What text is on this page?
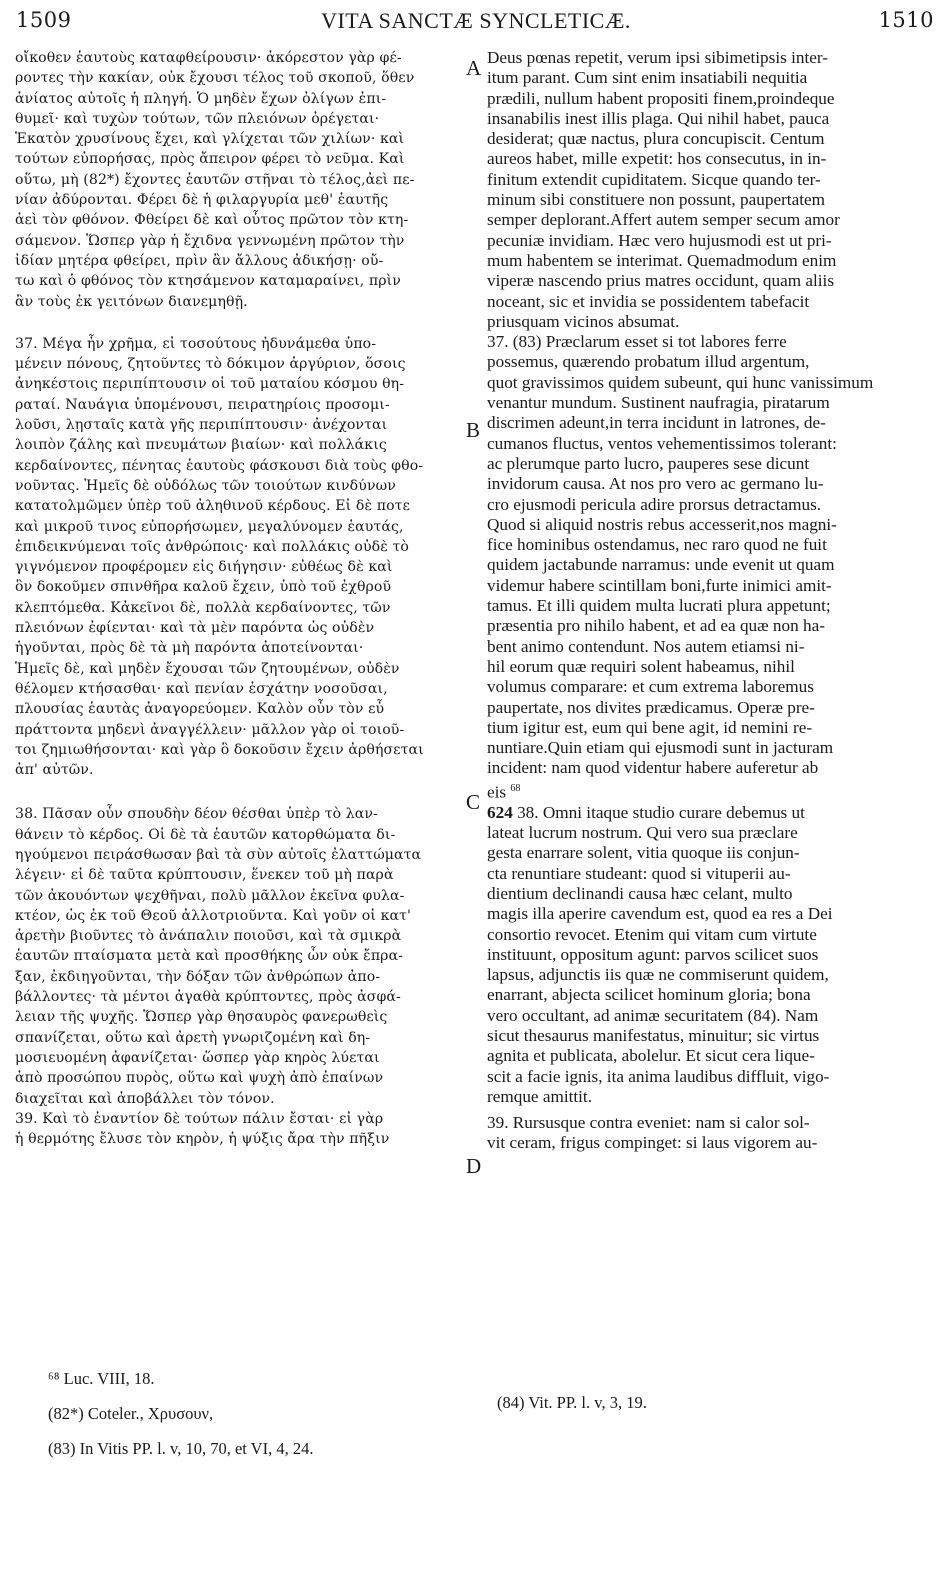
1509	VITA SANCTÆ SYNCLETICÆ.	1510

οἴκοθεν ἑαυτοὺς καταφθείρουσιν· ἀκόρεστον γὰρ φέ-

ροντες τὴν κακίαν, οὐκ ἔχουσι τέλος τοῦ σκοποῦ, ὅθεν

ἀνίατος αὐτοῖς ἡ πληγή. Ὁ μηδὲν ἔχων ὀλίγων ἐπι-

θυμεῖ· καὶ τυχὼν τούτων, τῶν πλειόνων ὀρέγεται·

Ἑκατὸν χρυσίνους ἔχει, καὶ γλίχεται τῶν χιλίων· καὶ

τούτων εὐπορήσας, πρὸς ἄπειρον φέρει τὸ νεῦμα. Καὶ

οὕτω, μὴ (82*) ἔχοντες ἑαυτῶν στῆναι τὸ τέλος,ἀεὶ πε-

νίαν ἀδύρονται. Φέρει δὲ ἡ φιλαργυρία μεθ' ἑαυτῆς

ἀεὶ τὸν φθόνον. Φθείρει δὲ καὶ οὗτος πρῶτον τὸν κτη-

σάμενον. Ὥσπερ γὰρ ἡ ἔχιδνα γεννωμένη πρῶτον τὴν

ἰδίαν μητέρα φθείρει, πρὶν ἂν ἄλλους ἀδικήσῃ· οὔ-

τω καὶ ὁ φθόνος τὸν κτησάμενον καταμαραίνει, πρὶν

ἂν τοὺς ἐκ γειτόνων διανεμηθῇ.

37. Μέγα ἦν χρῆμα, εἰ τοσούτους ἠδυνάμεθα ὑπο-

μένειν πόνους, ζητοῦντες τὸ δόκιμον ἀργύριον, ὅσοις

ἀνηκέστοις περιπίπτουσιν οἱ τοῦ ματαίου κόσμου θη-

ραταί. Ναυάγια ὑπομένουσι, πειρατηρίοις προσομι-

λοῦσι, λῃσταῖς κατὰ γῆς περιπίπτουσιν· ἀνέχονται

λοιπὸν ζάλης καὶ πνευμάτων βιαίων· καὶ πολλάκις

κερδαίνοντες, πένητας ἑαυτοὺς φάσκουσι διὰ τοὺς φθο-

νοῦντας. Ἡμεῖς δὲ οὐδόλως τῶν τοιούτων κινδύνων

κατατολμῶμεν ὑπὲρ τοῦ ἀληθινοῦ κέρδους. Εἰ δὲ ποτε

καὶ μικροῦ τινος εὐπορήσωμεν, μεγαλύνομεν ἑαυτάς,

ἐπιδεικνύμεναι τοῖς ἀνθρώποις· καὶ πολλάκις οὐδὲ τὸ

γιγνόμενον προφέρομεν εἰς διήγησιν· εὐθέως δὲ καὶ

ὃν δοκοῦμεν σπινθῆρα καλοῦ ἔχειν, ὑπὸ τοῦ ἐχθροῦ

κλεπτόμεθα. Κἀκεῖνοι δὲ, πολλὰ κερδαίνοντες, τῶν

πλειόνων ἐφίενται· καὶ τὰ μὲν παρόντα ὡς οὐδὲν

ἡγοῦνται, πρὸς δὲ τὰ μὴ παρόντα ἀποτείνονται·

Ἡμεῖς δὲ, καὶ μηδὲν ἔχουσαι τῶν ζητουμένων, οὐδὲν

θέλομεν κτήσασθαι· καὶ πενίαν ἐσχάτην νοσοῦσαι,

πλουσίας ἑαυτὰς ἀναγορεύομεν. Καλὸν οὖν τὸν εὖ

πράττοντα μηδενὶ ἀναγγέλλειν· μᾶλλον γὰρ οἱ τοιοῦ-

τοι ζημιωθήσονται· καὶ γὰρ ὃ δοκοῦσιν ἔχειν ἀρθήσεται

ἀπ' αὐτῶν.

38. Πᾶσαν οὖν σπουδὴν δέον θέσθαι ὑπὲρ τὸ λαν-

θάνειν τὸ κέρδος. Οἱ δὲ τὰ ἑαυτῶν κατορθώματα δι-

ηγούμενοι πειράσθωσαν βαὶ τὰ σὺν αὐτοῖς ἐλαττώματα

λέγειν· εἰ δὲ ταῦτα κρύπτουσιν, ἕνεκεν τοῦ μὴ παρὰ

τῶν ἀκουόντων ψεχθῆναι, πολὺ μᾶλλον ἐκεῖνα φυλα-

κτέον, ὡς ἐκ τοῦ Θεοῦ ἀλλοτριοῦντα. Καὶ γοῦν οἱ κατ'

ἀρετὴν βιοῦντες τὸ ἀνάπαλιν ποιοῦσι, καὶ τὰ σμικρὰ

ἑαυτῶν πταίσματα μετὰ καὶ προσθήκης ὧν οὐκ ἔπρα-

ξαν, ἐκδιηγοῦνται, τὴν δόξαν τῶν ἀνθρώπων ἀπο-

βάλλοντες· τὰ μέντοι ἀγαθὰ κρύπτοντες, πρὸς ἀσφά-

λειαν τῆς ψυχῆς. Ὥσπερ γὰρ θησαυρὸς φανερωθεὶς

σπανίζεται, οὕτω καὶ ἀρετὴ γνωριζομένη καὶ δη-

μοσιευομένη ἀφανίζεται· ὥσπερ γὰρ κηρὸς λύεται

ἀπὸ προσώπου πυρὸς, οὕτω καὶ ψυχὴ ἀπὸ ἐπαίνων

διαχεῖται καὶ ἀποβάλλει τὸν τόνον.

39. Καὶ τὸ ἐναντίον δὲ τούτων πάλιν ἔσται· εἰ γὰρ

ἡ θερμότης ἔλυσε τὸν κηρὸν, ἡ ψύξις ἄρα τὴν πῆξιν

A
B
C
D

Deus pœnas repetit, verum ipsi sibimetipsis inter-

itum parant. Cum sint enim insatiabili nequitia

prædili, nullum habent propositi finem,proindeque

insanabilis inest illis plaga. Qui nihil habet, pauca

desiderat; quæ nactus, plura concupiscit. Centum

aureos habet, mille expetit: hos consecutus, in in-

finitum extendit cupiditatem. Sicque quando ter-

minum sibi constituere non possunt, paupertatem

semper deplorant.Affert autem semper secum amor

pecuniæ invidiam. Hæc vero hujusmodi est ut pri-

mum habentem se interimat. Quemadmodum enim

viperæ nascendo prius matres occidunt, quam aliis

noceant, sic et invidia se possidentem tabefacit

priusquam vicinos absumat.

37. (83) Præclarum esset si tot labores ferre

possemus, quærendo probatum illud argentum,

quot gravissimos quidem subeunt, qui hunc vanissimum

venantur mundum. Sustinent naufragia, piratarum

discrimen adeunt,in terra incidunt in latrones, de-

cumanos fluctus, ventos vehementissimos tolerant:

ac plerumque parto lucro, pauperes sese dicunt

invidorum causa. At nos pro vero ac germano lu-

cro ejusmodi pericula adire prorsus detractamus.

Quod si aliquid nostris rebus accesserit,nos magni-

fice hominibus ostendamus, nec raro quod ne fuit

quidem jactabunde narramus: unde evenit ut quam

videmur habere scintillam boni,furte inimici amit-

tamus. Et illi quidem multa lucrati plura appetunt;

præsentia pro nihilo habent, et ad ea quæ non ha-

bent animo contendunt. Nos autem etiamsi ni-

hil eorum quæ requiri solent habeamus, nihil

volumus comparare: et cum extrema laboremus

paupertate, nos divites prædicamus. Operæ pre-

tium igitur est, eum qui bene agit, id nemini re-

nuntiare.Quin etiam qui ejusmodi sunt in jacturam

incident: nam quod videntur habere auferetur ab

eis $^{68}$

624 38. Omni itaque studio curare debemus ut

lateat lucrum nostrum. Qui vero sua præclare

gesta enarrare solent, vitia quoque iis conjun-

cta renuntiare studeant: quod si vituperii au-

dientium declinandi causa hæc celant, multo

magis illa aperire cavendum est, quod ea res a Dei

consortio revocet. Etenim qui vitam cum virtute

instituunt, oppositum agunt: parvos scilicet suos

lapsus, adjunctis iis quæ ne commiserunt quidem,

enarrant, abjecta scilicet hominum gloria; bona

vero occultant, ad animæ securitatem (84). Nam

sicut thesaurus manifestatus, minuitur; sic virtus

agnita et publicata, abolelur. Et sicut cera lique-

scit a facie ignis, ita anima laudibus diffluit, vigo-

remque amittit.

39. Rursusque contra eveniet: nam si calor sol-

vit ceram, frigus compinget: si laus vigorem au-

⁶⁸ Luc. VIII, 18.

(82*) Coteler., Χρυσουν,

(83) In Vitis PP. l. v, 10, 70, et VI, 4, 24.

(84) Vit. PP. l. v, 3, 19.
